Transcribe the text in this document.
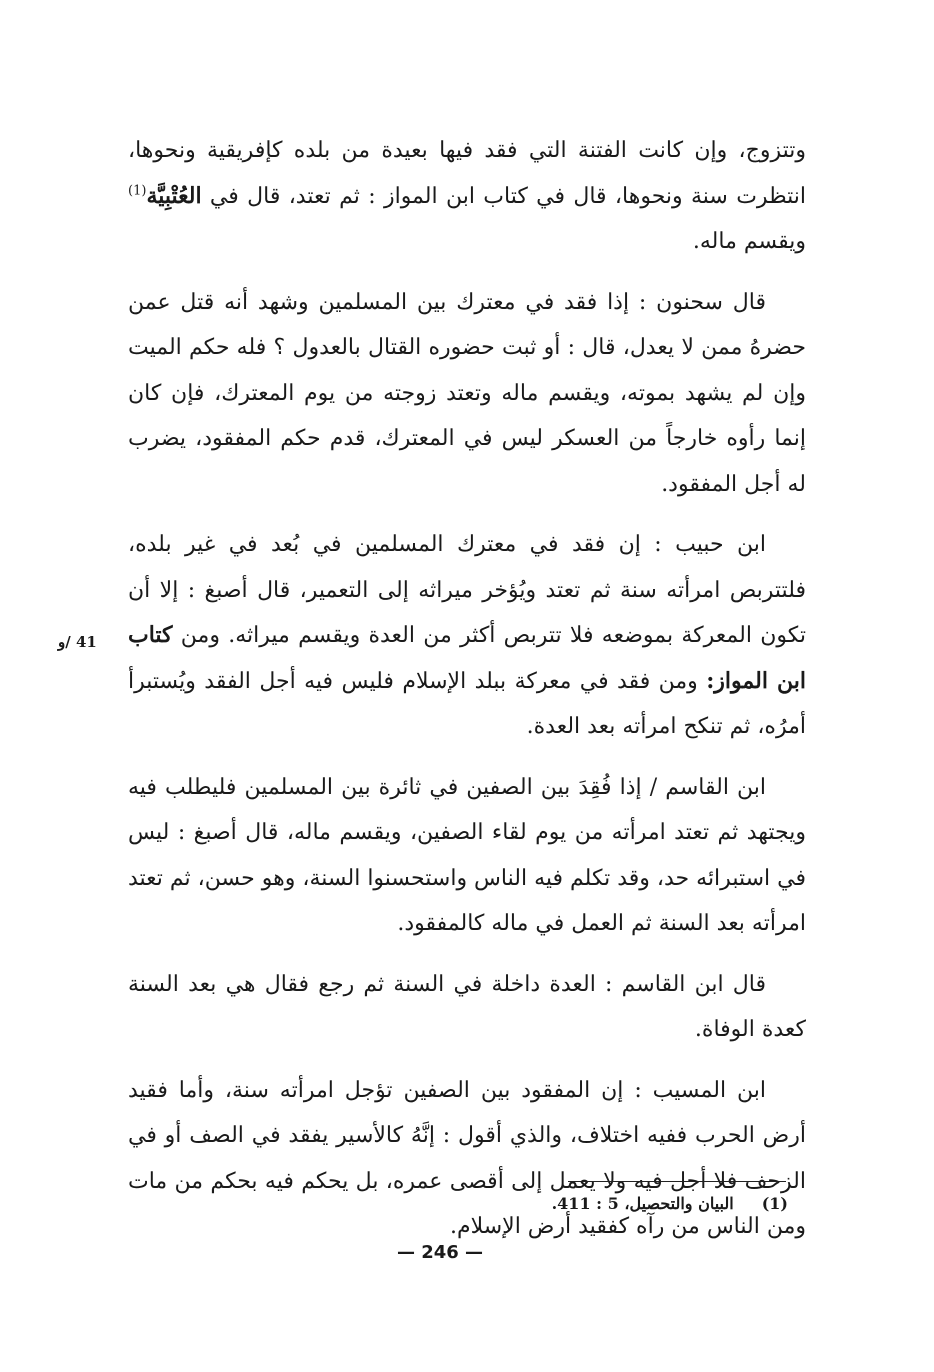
وتتزوج، وإن كانت الفتنة التي فقد فيها بعيدة من بلده كإفريقية ونحوها، انتظرت سنة ونحوها، قال في كتاب ابن المواز : ثم تعتد، قال في العُتْبِيَّة$^{(1)}$ ويقسم ماله.

قال سحنون : إذا فقد في معترك بين المسلمين وشهد أنه قتل عمن حضرهُ ممن لا يعدل، قال : أو ثبت حضوره القتال بالعدول ؟ فله حكم الميت وإن لم يشهد بموته، ويقسم ماله وتعتد زوجته من يوم المعترك، فإن كان إنما رأوه خارجاً من العسكر ليس في المعترك، قدم حكم المفقود، يضرب له أجل المفقود.

ابن حبيب : إن فقد في معترك المسلمين في بُعد في غير بلده، فلتتربص امرأته سنة ثم تعتد ويُؤخر ميراثه إلى التعمير، قال أصبغ : إلا أن تكون المعركة بموضعه فلا تتربص أكثر من العدة ويقسم ميراثه. ومن كتاب ابن المواز: ومن فقد في معركة ببلد الإسلام فليس فيه أجل الفقد ويُستبرأ أمرُه، ثم تنكح امرأته بعد العدة.

ابن القاسم / إذا فُقِدَ بين الصفين في ثائرة بين المسلمين فليطلب فيه ويجتهد ثم تعتد امرأته من يوم لقاء الصفين، ويقسم ماله، قال أصبغ : ليس في استبرائه حد، وقد تكلم فيه الناس واستحسنوا السنة، وهو حسن، ثم تعتد امرأته بعد السنة ثم العمل في ماله كالمفقود.

قال ابن القاسم : العدة داخلة في السنة ثم رجع فقال هي بعد السنة كعدة الوفاة.

ابن المسيب : إن المفقود بين الصفين تؤجل امرأته سنة، وأما فقيد أرض الحرب ففيه اختلاف، والذي أقول : إنَّهُ كالأسير يفقد في الصف أو في الزحف فلا أجل فيه ولا يعمل إلى أقصى عمره، بل يحكم فيه بحكم من مات ومن الناس من رآه كفقيد أرض الإسلام.

41 /و
(1)البيان والتحصيل، 5 : 411.
— 246 —
